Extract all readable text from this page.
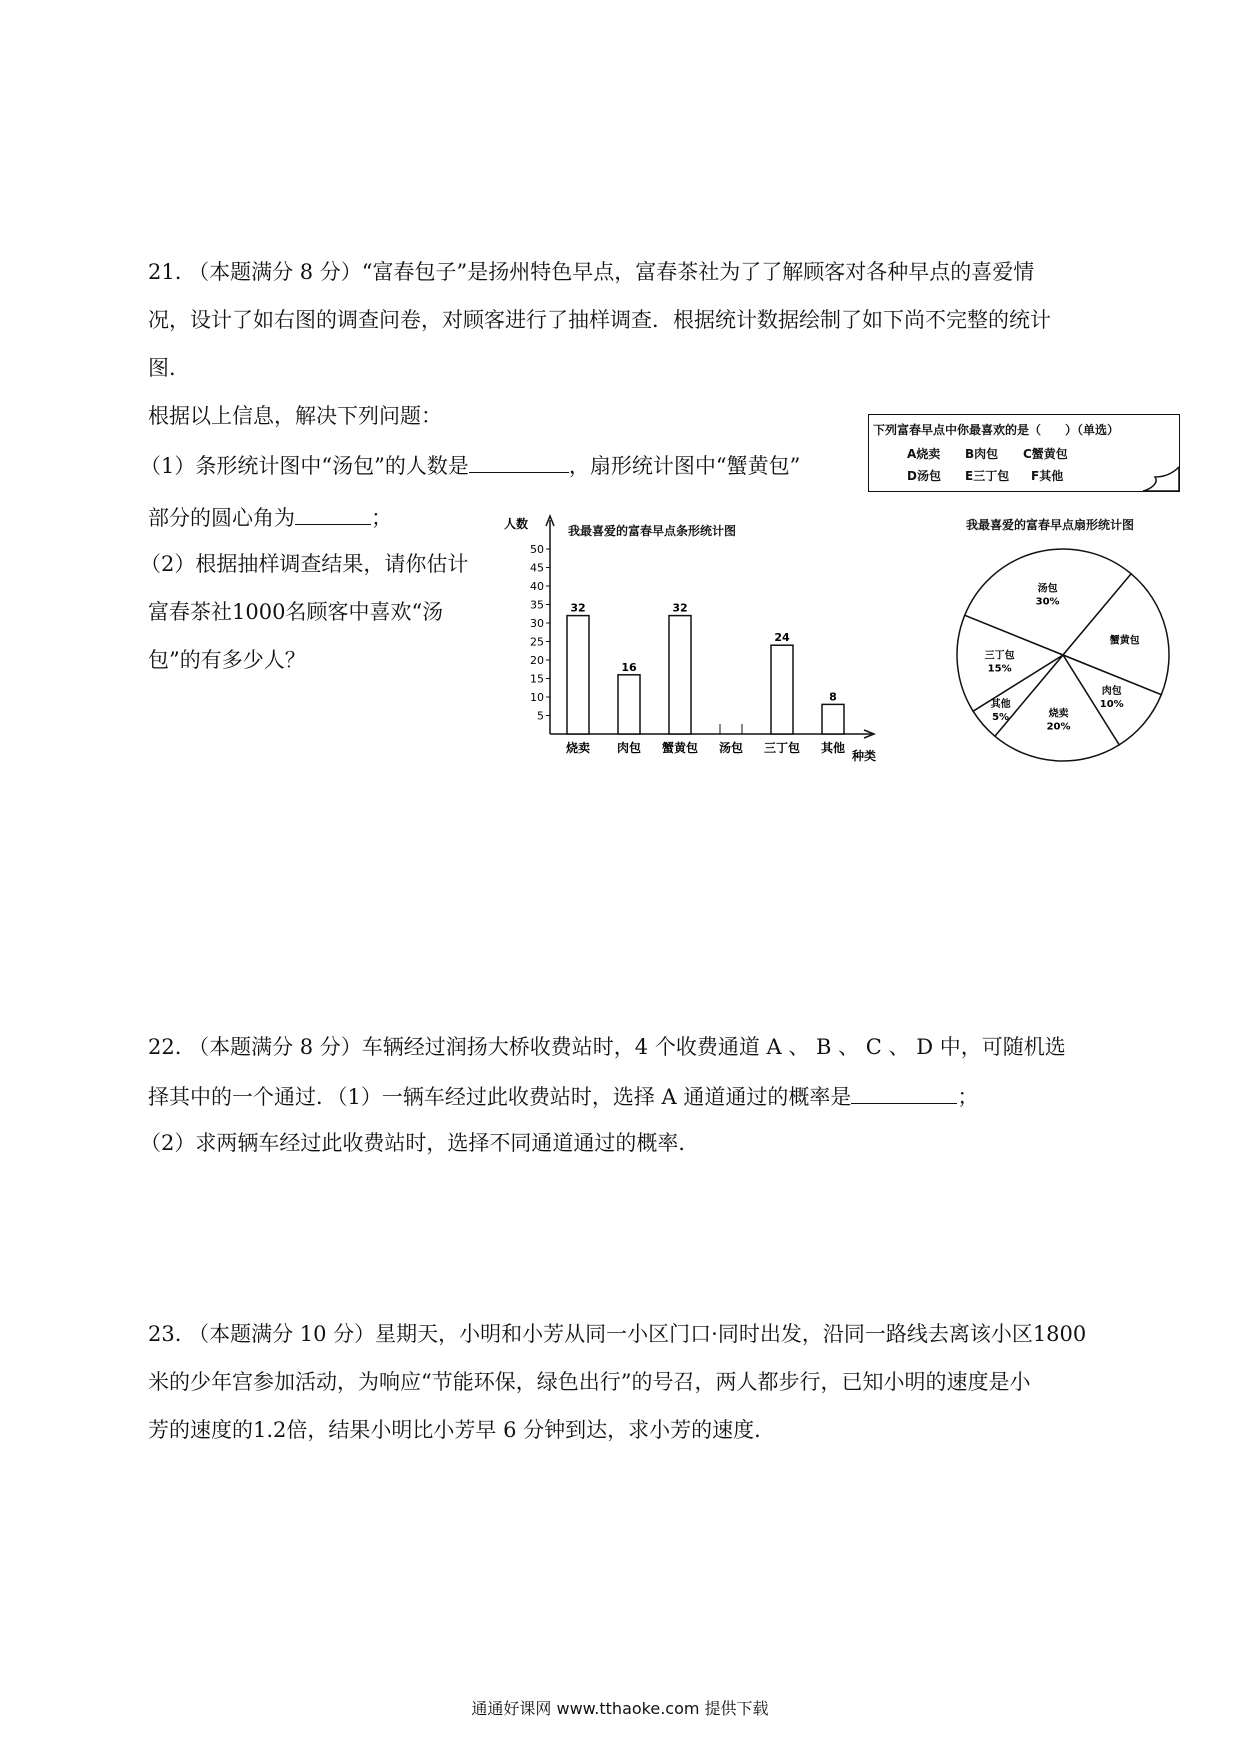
21. （本题满分 8 分）“富春包子”是扬州特色早点，富春茶社为了了解顾客对各种早点的喜爱情
况，设计了如右图的调查问卷，对顾客进行了抽样调查．根据统计数据绘制了如下尚不完整的统计
图．
根据以上信息，解决下列问题：
（1）条形统计图中“汤包”的人数是	，扇形统计图中“蟹黄包”
部分的圆心角为	；
（2）根据抽样调查结果，请你估计
富春茶社1000名顾客中喜欢“汤
包”的有多少人？
下列富春早点中你最喜欢的是（　　）（单选）
A烧卖 B肉包 C蟹黄包
D汤包 E三丁包 F其他
我最喜爱的富春早点条形统计图	我最喜爱的富春早点扇形统计图
人数
种类
5
10
15
20
25
30
35
40
45
50
32
烧卖
16
肉包
32
蟹黄包 汤包
24
三丁包
8
其他
汤包
30%
蟹黄包
肉包
10%
烧卖
20%
其他
5%
三丁包
15%
22. （本题满分 8 分）车辆经过润扬大桥收费站时，4 个收费通道 A 、 B 、 C 、 D 中，可随机选
择其中的一个通过．（1）一辆车经过此收费站时，选择 A 通道通过的概率是	；
（2）求两辆车经过此收费站时，选择不同通道通过的概率．
23. （本题满分 10 分）星期天，小明和小芳从同一小区门口·同时出发，沿同一路线去离该小区1800
米的少年宫参加活动，为响应“节能环保，绿色出行”的号召，两人都步行，已知小明的速度是小
芳的速度的1.2倍，结果小明比小芳早 6 分钟到达，求小芳的速度．
通通好课网 www.tthaoke.com 提供下载
